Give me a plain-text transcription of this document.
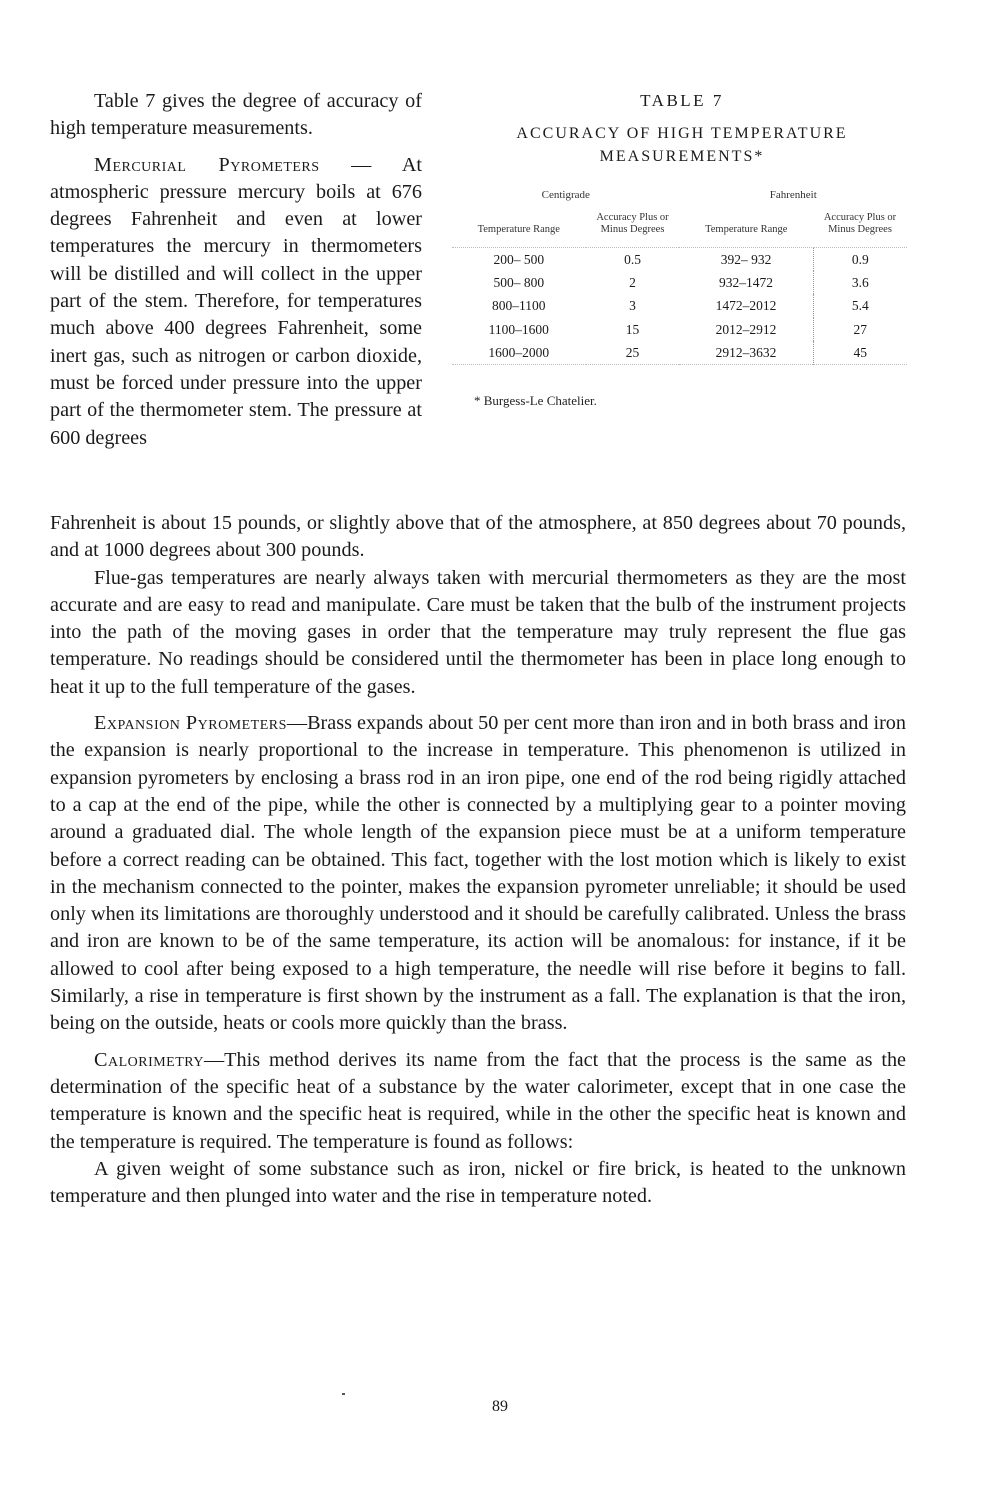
Table 7 gives the degree of accuracy of high temperature measurements.

Mercurial Pyrometers — At atmospheric pressure mercury boils at 676 degrees Fahrenheit and even at lower temperatures the mercury in thermometers will be distilled and will collect in the upper part of the stem. Therefore, for temperatures much above 400 degrees Fahrenheit, some inert gas, such as nitrogen or carbon dioxide, must be forced under pressure into the upper part of the thermometer stem. The pressure at 600 degrees

TABLE 7

ACCURACY OF HIGH TEMPERATURE MEASUREMENTS*

Centigrade		Fahrenheit	
Temperature Range	Accuracy Plus or Minus Degrees	Temperature Range	Accuracy Plus or Minus Degrees
200– 500	0.5	392– 932	0.9
500– 800	2	932–1472	3.6
800–1100	3	1472–2012	5.4
1100–1600	15	2012–2912	27
1600–2000	25	2912–3632	45

* Burgess-Le Chatelier.

Fahrenheit is about 15 pounds, or slightly above that of the atmosphere, at 850 degrees about 70 pounds, and at 1000 degrees about 300 pounds.

Flue-gas temperatures are nearly always taken with mercurial thermometers as they are the most accurate and are easy to read and manipulate. Care must be taken that the bulb of the instrument projects into the path of the moving gases in order that the temperature may truly represent the flue gas temperature. No readings should be considered until the thermometer has been in place long enough to heat it up to the full temperature of the gases.

Expansion Pyrometers—Brass expands about 50 per cent more than iron and in both brass and iron the expansion is nearly proportional to the increase in temperature. This phenomenon is utilized in expansion pyrometers by enclosing a brass rod in an iron pipe, one end of the rod being rigidly attached to a cap at the end of the pipe, while the other is connected by a multiplying gear to a pointer moving around a graduated dial. The whole length of the expansion piece must be at a uniform temperature before a correct reading can be obtained. This fact, together with the lost motion which is likely to exist in the mechanism connected to the pointer, makes the expansion pyrometer unreliable; it should be used only when its limitations are thoroughly understood and it should be carefully calibrated. Unless the brass and iron are known to be of the same temperature, its action will be anomalous: for instance, if it be allowed to cool after being exposed to a high temperature, the needle will rise before it begins to fall. Similarly, a rise in temperature is first shown by the instrument as a fall. The explanation is that the iron, being on the outside, heats or cools more quickly than the brass.

Calorimetry—This method derives its name from the fact that the process is the same as the determination of the specific heat of a substance by the water calorimeter, except that in one case the temperature is known and the specific heat is required, while in the other the specific heat is known and the temperature is required. The temperature is found as follows:

A given weight of some substance such as iron, nickel or fire brick, is heated to the unknown temperature and then plunged into water and the rise in temperature noted.

89
